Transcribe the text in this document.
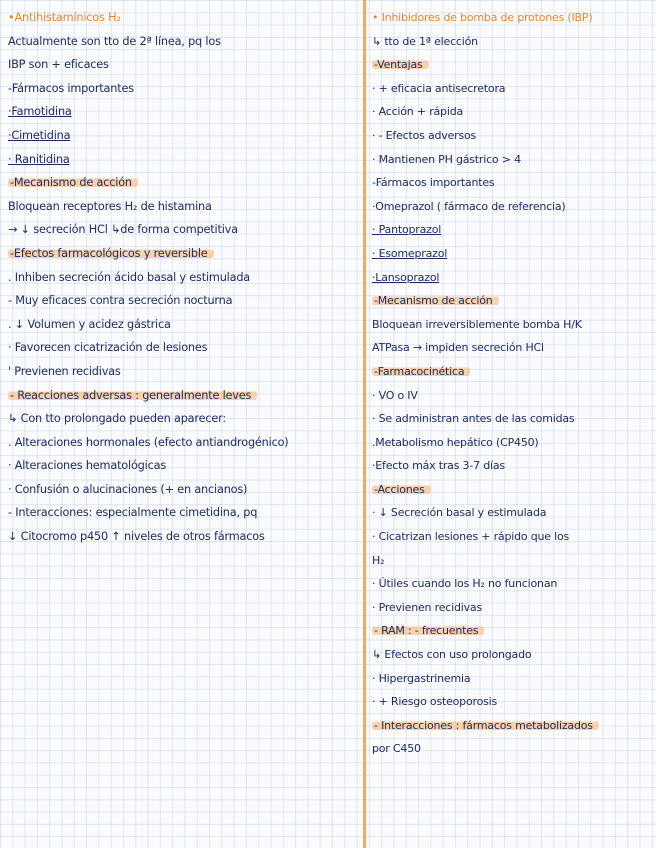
•Antihistamínicos H₂
Actualmente son tto de 2ª línea, pq los
IBP son + eficaces
-Fármacos importantes
·Famotidina
·Cimetidina
· Ranitidina
-Mecanismo de acción
Bloquean receptores H₂ de histamina
→ ↓ secreción HCl ↳de forma competitiva
-Efectos farmacológicos y reversible
. Inhiben secreción ácido basal y estimulada
- Muy eficaces contra secreción nocturna
. ↓ Volumen y acidez gástrica
· Favorecen cicatrización de lesiones
' Previenen recidivas
- Reacciones adversas : generalmente leves
↳ Con tto prolongado pueden aparecer:
. Alteraciones hormonales (efecto antiandrogénico)
· Alteraciones hematológicas
· Confusión o alucinaciones (+ en ancianos)
- Interacciones: especialmente cimetidina, pq
↓ Citocromo p450 ↑ niveles de otros fármacos
• Inhibidores de bomba de protones (IBP)
↳ tto de 1ª elección
-Ventajas
· + eficacia antisecretora
· Acción + rápida
· - Efectos adversos
· Mantienen PH gástrico > 4
-Fármacos importantes
·Omeprazol ( fármaco de referencia)
· Pantoprazol
· Esomeprazol
·Lansoprazol
-Mecanismo de acción
Bloquean irreversiblemente bomba H/K
ATPasa → impiden secreción HCl
-Farmacocinética
· VO o IV
· Se administran antes de las comidas
.Metabolismo hepático (CP450)
·Efecto máx tras 3-7 días
-Acciones
· ↓ Secreción basal y estimulada
· Cicatrizan lesiones + rápido que los
H₂
· Útiles cuando los H₂ no funcionan
· Previenen recidivas
- RAM : - frecuentes
↳ Efectos con uso prolongado
· Hipergastrinemia
· + Riesgo osteoporosis
- Interacciones : fármacos metabolizados
por C450
